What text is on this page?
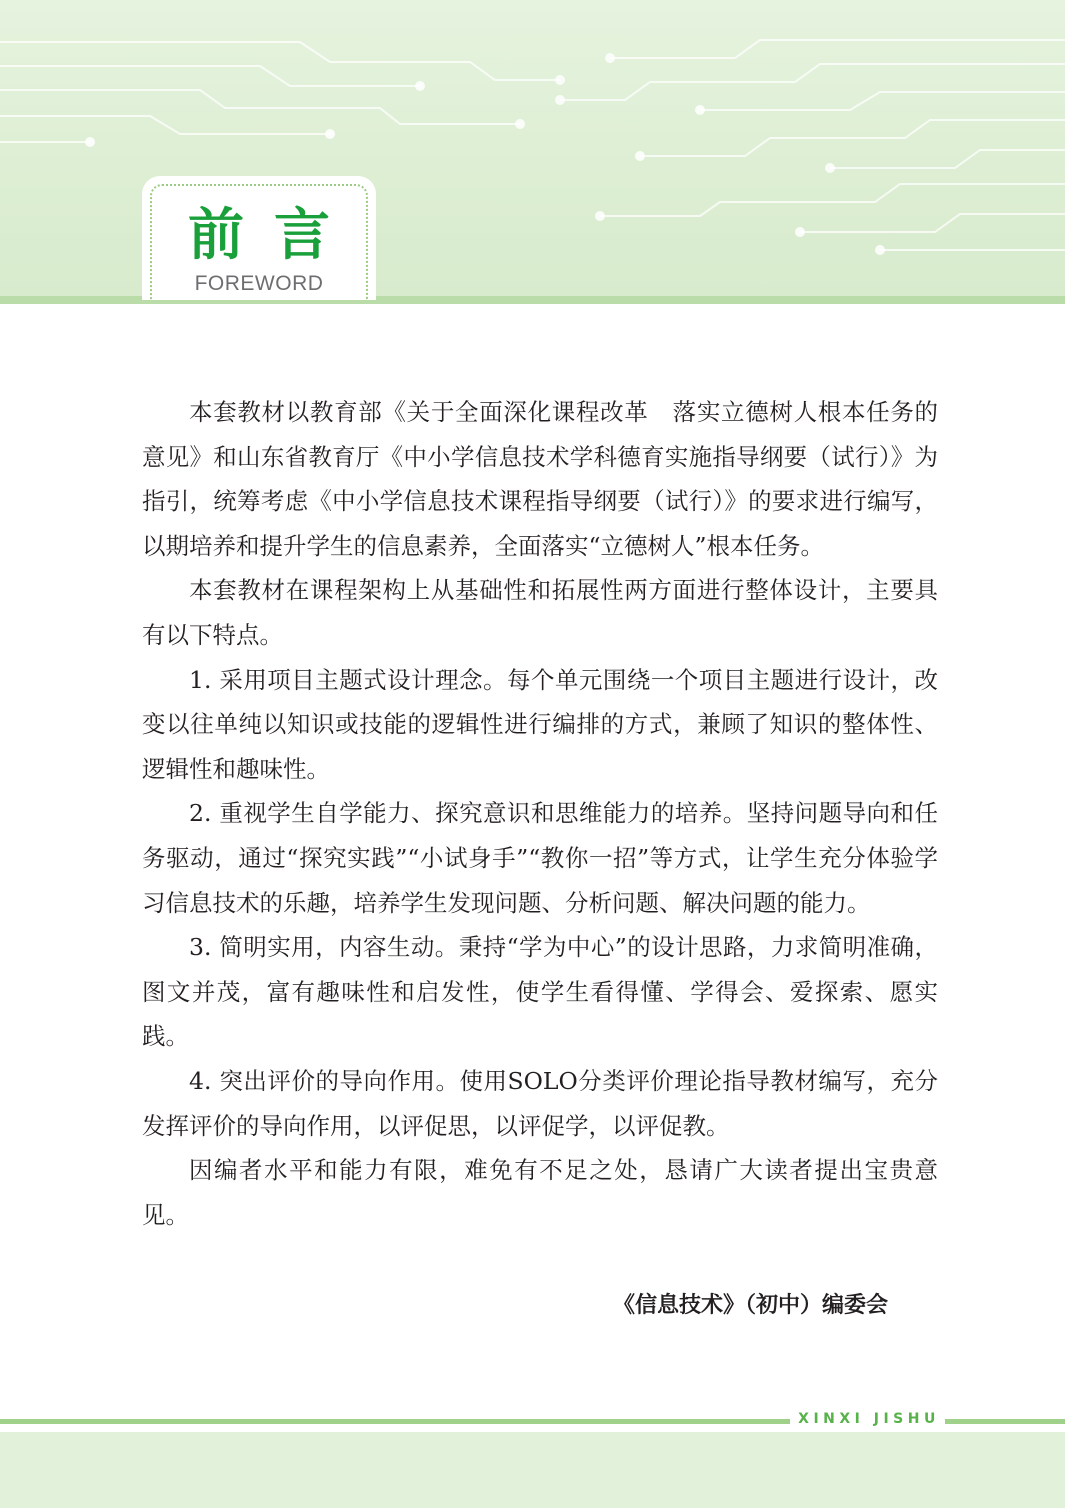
前言
FOREWORD

本套教材以教育部《关于全面深化课程改革　落实立德树人根本任务的意见》和山东省教育厅《中小学信息技术学科德育实施指导纲要（试行）》为指引，统筹考虑《中小学信息技术课程指导纲要（试行）》的要求进行编写，以期培养和提升学生的信息素养，全面落实“立德树人”根本任务。

本套教材在课程架构上从基础性和拓展性两方面进行整体设计，主要具有以下特点。

1. 采用项目主题式设计理念。每个单元围绕一个项目主题进行设计，改变以往单纯以知识或技能的逻辑性进行编排的方式，兼顾了知识的整体性、逻辑性和趣味性。

2. 重视学生自学能力、探究意识和思维能力的培养。坚持问题导向和任务驱动，通过“探究实践”“小试身手”“教你一招”等方式，让学生充分体验学习信息技术的乐趣，培养学生发现问题、分析问题、解决问题的能力。

3. 简明实用，内容生动。秉持“学为中心”的设计思路，力求简明准确，图文并茂，富有趣味性和启发性，使学生看得懂、学得会、爱探索、愿实践。

4. 突出评价的导向作用。使用SOLO分类评价理论指导教材编写，充分发挥评价的导向作用，以评促思，以评促学，以评促教。

因编者水平和能力有限，难免有不足之处，恳请广大读者提出宝贵意见。

《信息技术》（初中）编委会
XINXI JISHU
